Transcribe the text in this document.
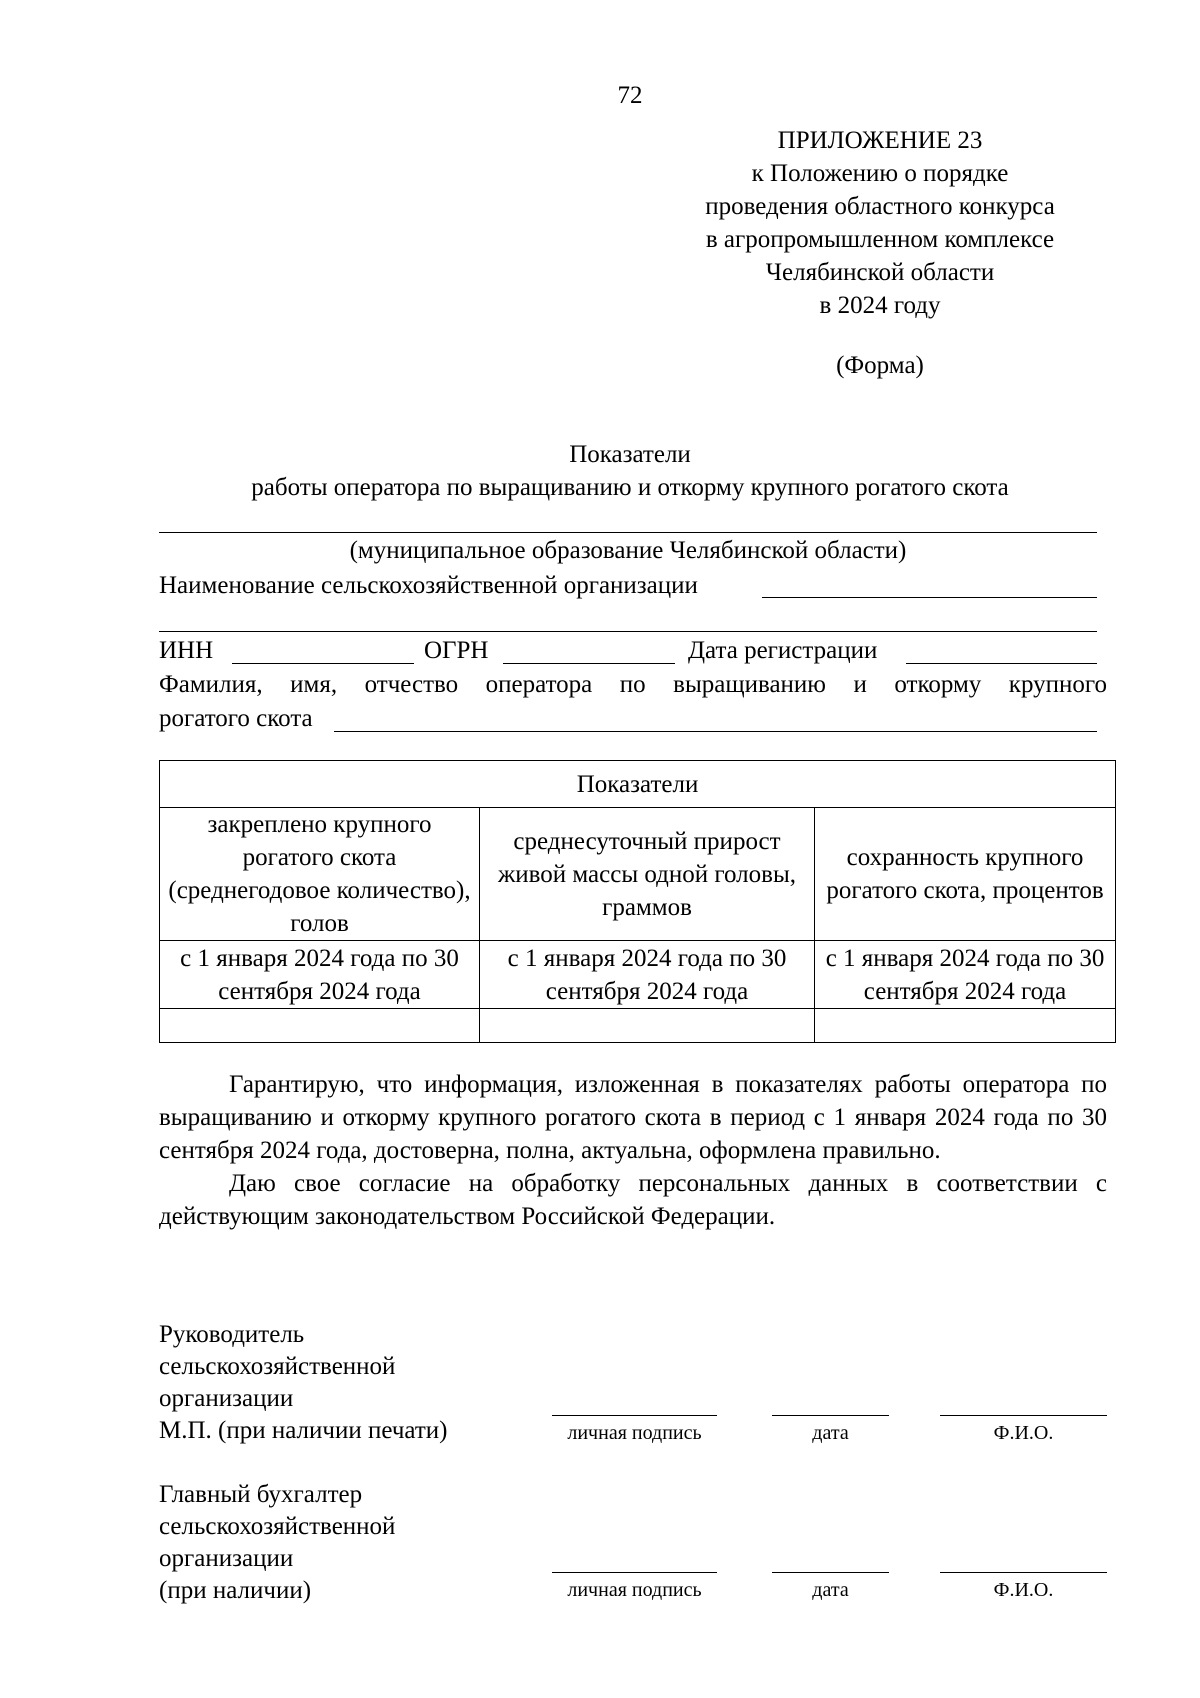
72
ПРИЛОЖЕНИЕ 23
к Положению о порядке
проведения областного конкурса
в агропромышленном комплексе
Челябинской области
в 2024 году
(Форма)
Показатели
работы оператора по выращиванию и откорму крупного рогатого скота
(муниципальное образование Челябинской области)
Наименование сельскохозяйственной организации
ИНН	ОГРН	Дата регистрации
Фамилия, имя, отчество оператора по выращиванию и откорму крупного
рогатого скота
Показатели		
закреплено крупного рогатого скота (среднегодовое количество), голов	среднесуточный прирост живой массы одной головы, граммов	сохранность крупного рогатого скота, процентов
с 1 января 2024 года по 30 сентября 2024 года	с 1 января 2024 года по 30 сентября 2024 года	с 1 января 2024 года по 30 сентября 2024 года

Гарантирую, что информация, изложенная в показателях работы оператора по выращиванию и откорму крупного рогатого скота в период с 1 января 2024 года по 30 сентября 2024 года, достоверна, полна, актуальна, оформлена правильно.

Даю свое согласие на обработку персональных данных в соответствии с действующим законодательством Российской Федерации.

Руководитель
сельскохозяйственной
организации
М.П. (при наличии печати)	личная подпись	дата	Ф.И.О.
Главный бухгалтер
сельскохозяйственной
организации
(при наличии)	личная подпись	дата	Ф.И.О.
